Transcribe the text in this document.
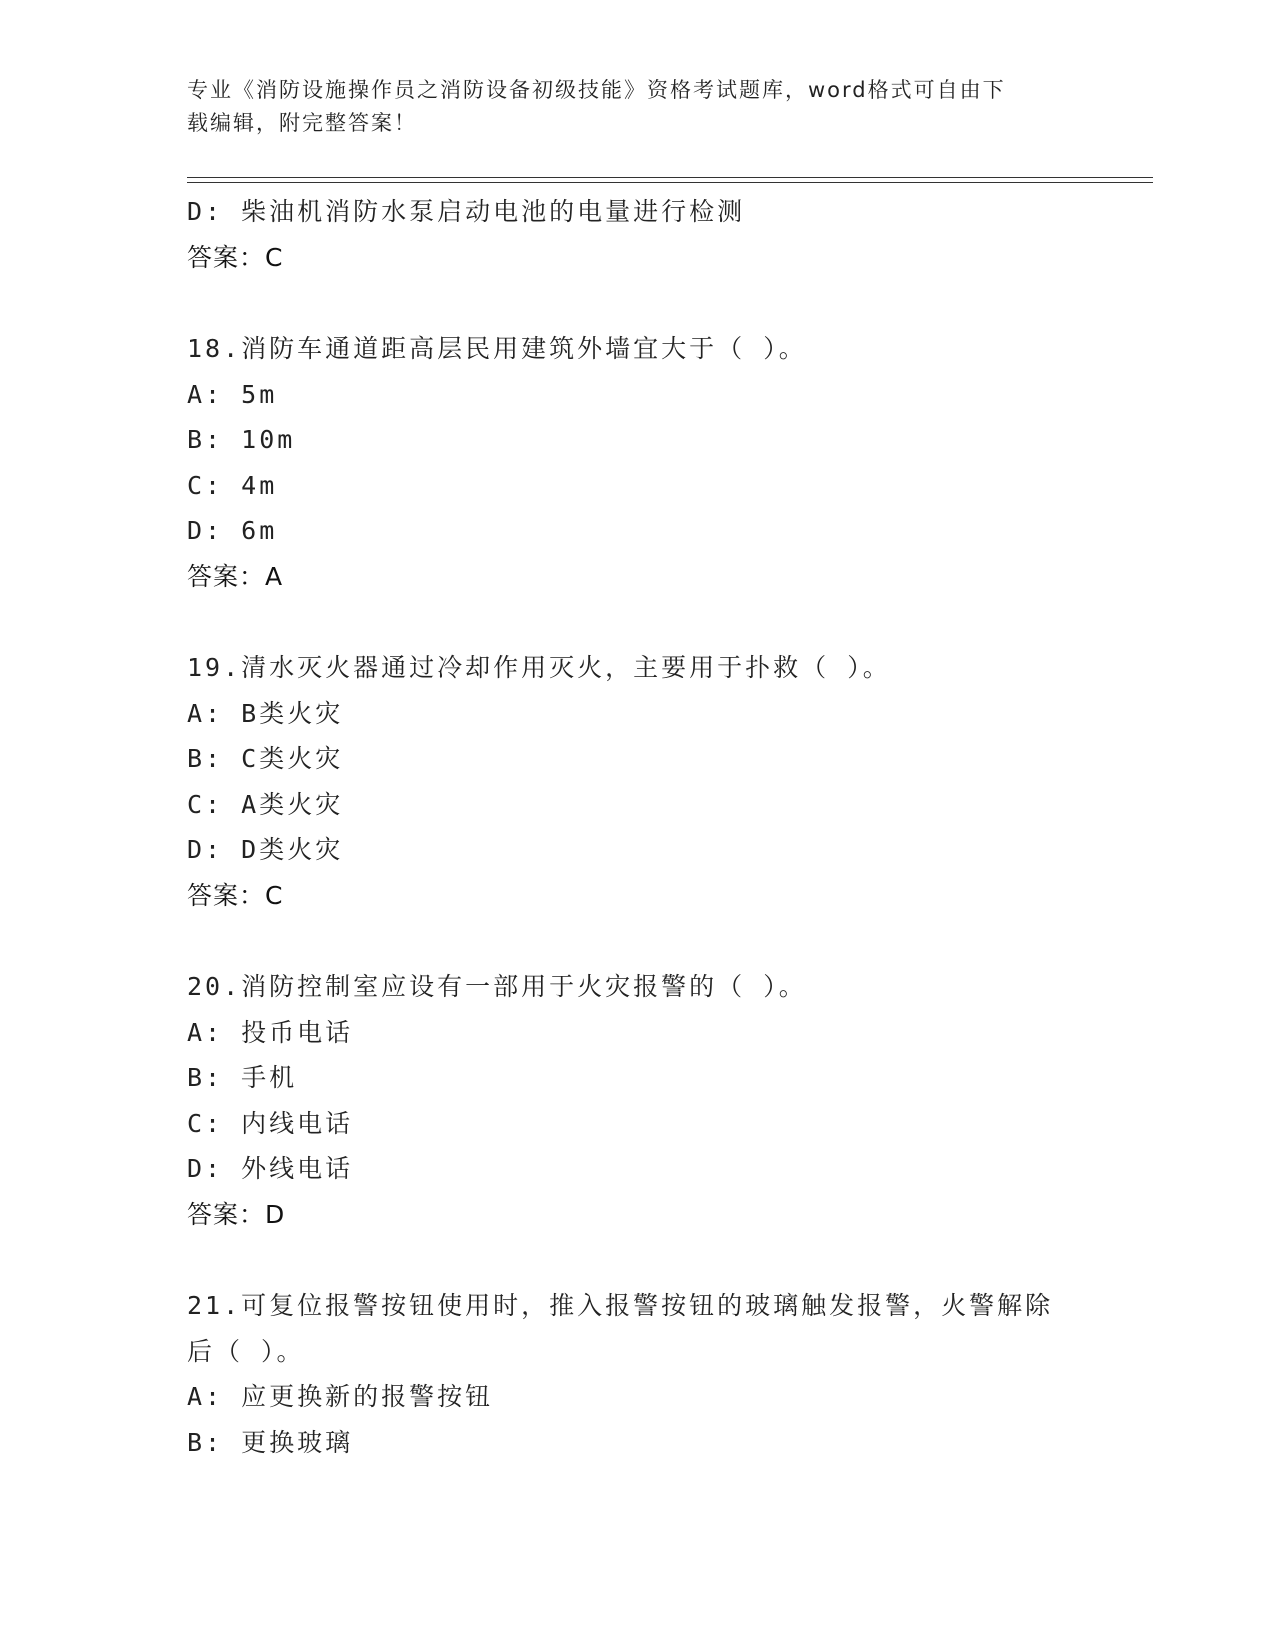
专业《消防设施操作员之消防设备初级技能》资格考试题库，word格式可自由下
载编辑，附完整答案！
D: 柴油机消防水泵启动电池的电量进行检测
答案：C
18.消防车通道距高层民用建筑外墙宜大于（ ）。
A: 5m
B: 10m
C: 4m
D: 6m
答案：A
19.清水灭火器通过冷却作用灭火，主要用于扑救（ ）。
A: B类火灾
B: C类火灾
C: A类火灾
D: D类火灾
答案：C
20.消防控制室应设有一部用于火灾报警的（ ）。
A: 投币电话
B: 手机
C: 内线电话
D: 外线电话
答案：D
21.可复位报警按钮使用时，推入报警按钮的玻璃触发报警，火警解除
后（ ）。
A: 应更换新的报警按钮
B: 更换玻璃
